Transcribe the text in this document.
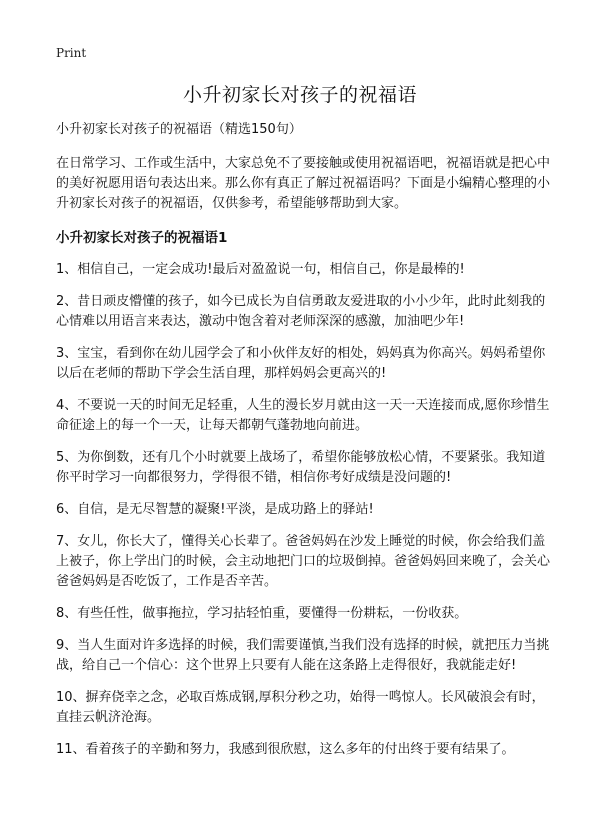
Print
小升初家长对孩子的祝福语

小升初家长对孩子的祝福语（精选150句）

在日常学习、工作或生活中，大家总免不了要接触或使用祝福语吧，祝福语就是把心中的美好祝愿用语句表达出来。那么你有真正了解过祝福语吗？下面是小编精心整理的小升初家长对孩子的祝福语，仅供参考，希望能够帮助到大家。

小升初家长对孩子的祝福语1
1、相信自己，一定会成功!最后对盈盈说一句，相信自己，你是最棒的!
2、昔日顽皮懵懂的孩子，如今已成长为自信勇敢友爱进取的小小少年，此时此刻我的心情难以用语言来表达，激动中饱含着对老师深深的感激，加油吧少年!
3、宝宝，看到你在幼儿园学会了和小伙伴友好的相处，妈妈真为你高兴。妈妈希望你以后在老师的帮助下学会生活自理，那样妈妈会更高兴的!
4、不要说一天的时间无足轻重，人生的漫长岁月就由这一天一天连接而成,愿你珍惜生命征途上的每一个一天，让每天都朝气蓬勃地向前进。
5、为你倒数，还有几个小时就要上战场了，希望你能够放松心情，不要紧张。我知道你平时学习一向都很努力，学得很不错，相信你考好成绩是没问题的!
6、自信，是无尽智慧的凝聚!平淡，是成功路上的驿站!
7、女儿，你长大了，懂得关心长辈了。爸爸妈妈在沙发上睡觉的时候，你会给我们盖上被子，你上学出门的时候，会主动地把门口的垃圾倒掉。爸爸妈妈回来晚了，会关心爸爸妈妈是否吃饭了，工作是否辛苦。
8、有些任性，做事拖拉，学习拈轻怕重，要懂得一份耕耘，一份收获。
9、当人生面对许多选择的时候，我们需要谨慎,当我们没有选择的时候，就把压力当挑战，给自己一个信心：这个世界上只要有人能在这条路上走得很好，我就能走好!
10、摒弃侥幸之念，必取百炼成钢,厚积分秒之功，始得一鸣惊人。长风破浪会有时，直挂云帆济沧海。
11、看着孩子的辛勤和努力，我感到很欣慰，这么多年的付出终于要有结果了。
